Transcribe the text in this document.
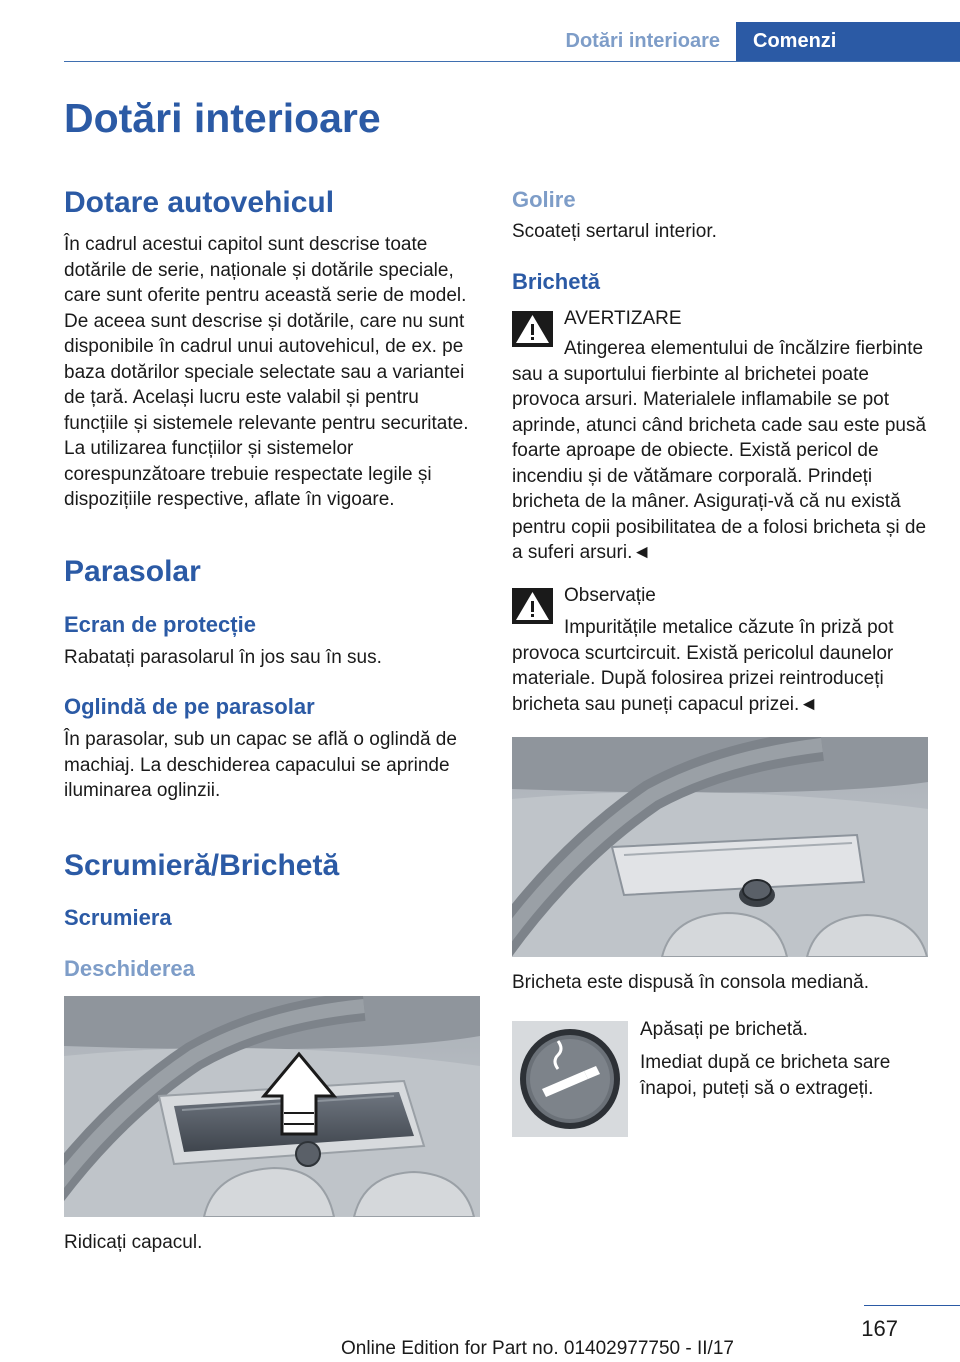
Dotări interioare	Comenzi
Dotări interioare
Dotare autovehicul

În cadrul acestui capitol sunt descrise toate dotările de serie, naționale și dotările speciale, care sunt oferite pentru această serie de model. De aceea sunt descrise și dotările, care nu sunt disponibile în cadrul unui autovehicul, de ex. pe baza dotărilor speciale selectate sau a variantei de țară. Același lucru este valabil și pentru funcțiile și sistemele relevante pentru securitate. La utilizarea funcțiilor și sistemelor corespunzătoare trebuie respectate legile și dispozițiile respective, aflate în vigoare.

Parasolar
Ecran de protecție

Rabatați parasolarul în jos sau în sus.

Oglindă de pe parasolar

În parasolar, sub un capac se află o oglindă de machiaj. La deschiderea capacului se aprinde iluminarea oglinzii.

Scrumieră/Brichetă
Scrumiera
Deschiderea

Ridicați capacul.

Golire

Scoateți sertarul interior.

Brichetă
AVERTIZARE

Atingerea elementului de încălzire fierbinte sau a suportului fierbinte al brichetei poate provoca arsuri. Materialele inflamabile se pot aprinde, atunci când bricheta cade sau este pusă foarte aproape de obiecte. Există pericol de incendiu și de vătămare corporală. Prindeți bricheta de la mâner. Asigurați-vă că nu există pentru copii posibilitatea de a folosi bricheta și de a suferi arsuri.◄

Observație

Impuritățile metalice căzute în priză pot provoca scurtcircuit. Există pericolul daunelor materiale. După folosirea prizei reintroduceți bricheta sau puneți capacul prizei.◄

Bricheta este dispusă în consola mediană.

Apăsați pe brichetă.

Imediat după ce bricheta sare înapoi, puteți să o extrageți.

167
Online Edition for Part no. 01402977750 - II/17
